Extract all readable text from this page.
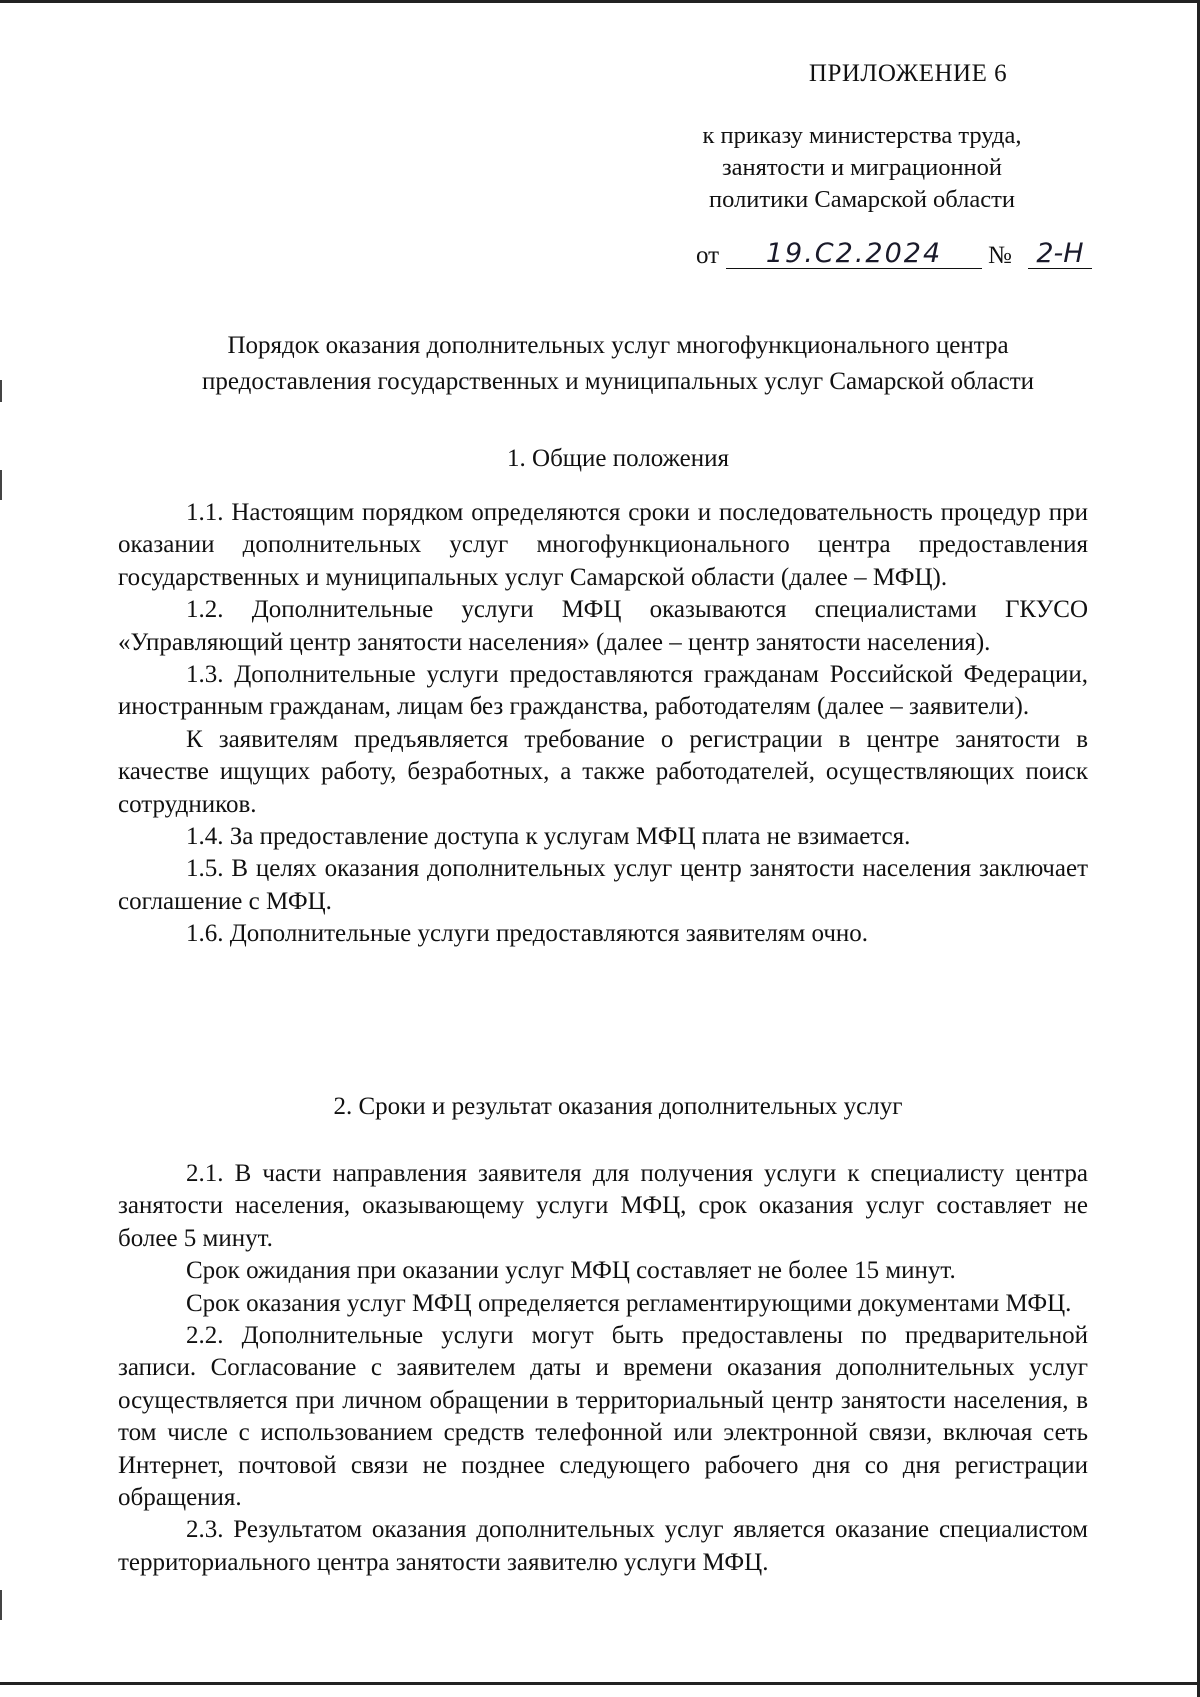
ПРИЛОЖЕНИЕ 6
к приказу министерства труда,
занятости и миграционной
политики Самарской области
от	19.С2.2024	№ 2-Н
Порядок оказания дополнительных услуг многофункционального центра
предоставления государственных и муниципальных услуг Самарской области
1. Общие положения

1.1. Настоящим порядком определяются сроки и последовательность процедур при оказании дополнительных услуг многофункционального центра предоставления государственных и муниципальных услуг Самарской области (далее – МФЦ).

1.2. Дополнительные услуги МФЦ оказываются специалистами ГКУСО «Управляющий центр занятости населения» (далее – центр занятости населения).

1.3. Дополнительные услуги предоставляются гражданам Российской Федерации, иностранным гражданам, лицам без гражданства, работодателям (далее – заявители).

К заявителям предъявляется требование о регистрации в центре занятости в качестве ищущих работу, безработных, а также работодателей, осуществляющих поиск сотрудников.

1.4. За предоставление доступа к услугам МФЦ плата не взимается.

1.5. В целях оказания дополнительных услуг центр занятости населения заключает соглашение с МФЦ.

1.6. Дополнительные услуги предоставляются заявителям очно.

2. Сроки и результат оказания дополнительных услуг

2.1. В части направления заявителя для получения услуги к специалисту центра занятости населения, оказывающему услуги МФЦ, срок оказания услуг составляет не более 5 минут.

Срок ожидания при оказании услуг МФЦ составляет не более 15 минут.

Срок оказания услуг МФЦ определяется регламентирующими документами МФЦ.

2.2. Дополнительные услуги могут быть предоставлены по предварительной записи. Согласование с заявителем даты и времени оказания дополнительных услуг осуществляется при личном обращении в территориальный центр занятости населения, в том числе с использованием средств телефонной или электронной связи, включая сеть Интернет, почтовой связи не позднее следующего рабочего дня со дня регистрации обращения.

2.3. Результатом оказания дополнительных услуг является оказание специалистом территориального центра занятости заявителю услуги МФЦ.
